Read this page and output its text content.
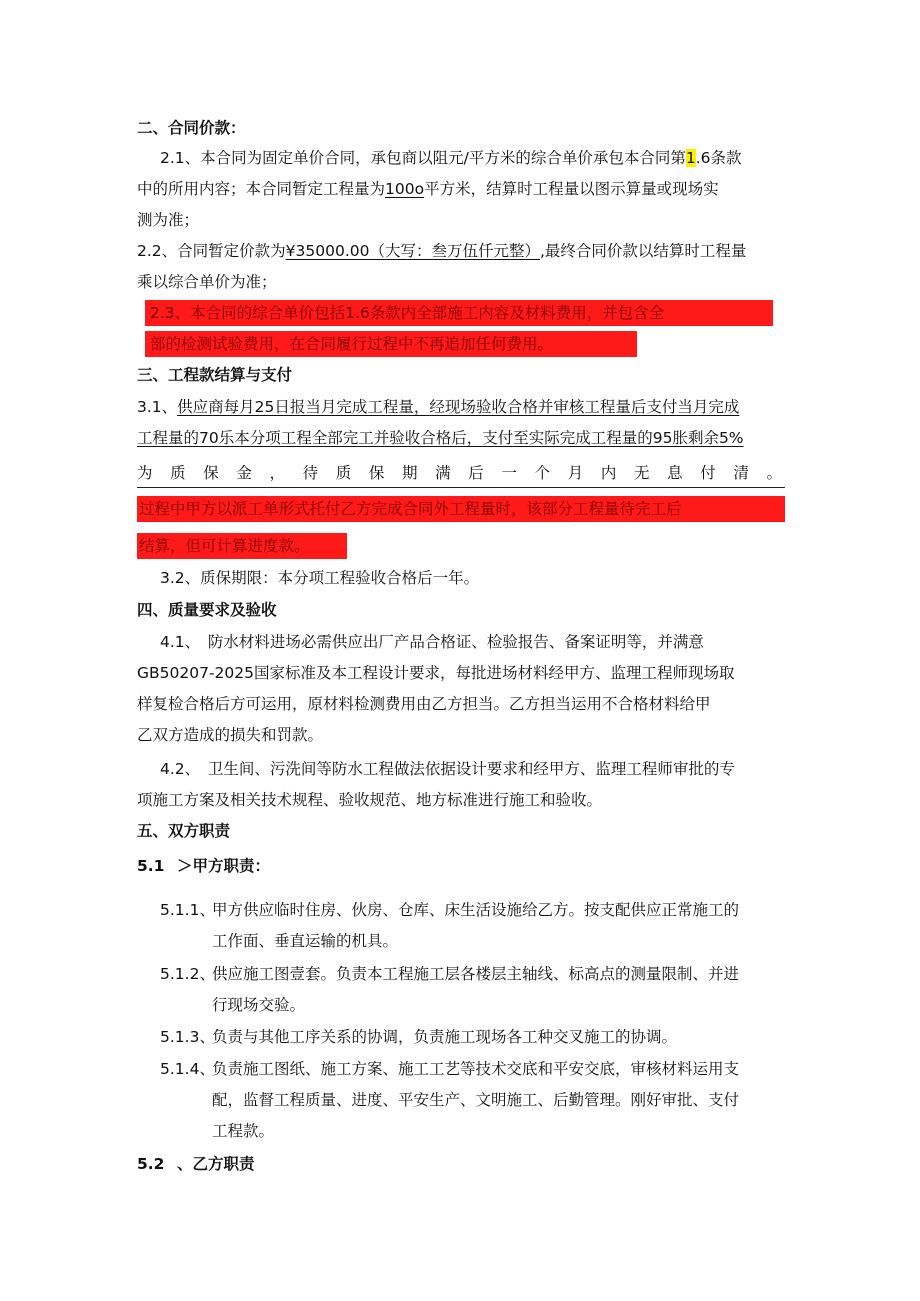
二、合同价款：
2.1、本合同为固定单价合同，承包商以阻元/平方米的综合单价承包本合同第1.6条款
中的所用内容；本合同暂定工程量为100o平方米，结算时工程量以图示算量或现场实
测为准；
2.2、合同暂定价款为¥35000.00（大写：叁万伍仟元整）,最终合同价款以结算时工程量
乘以综合单价为准；
2.3、本合同的综合单价包括1.6条款内全部施工内容及材料费用，并包含全
部的检测试验费用，在合同履行过程中不再追加任何费用。
三、工程款结算与支付
3.1、供应商每月25日报当月完成工程量，经现场验收合格并审核工程量后支付当月完成
工程量的70乐本分项工程全部完工并验收合格后，支付至实际完成工程量的95胀剩余5%
为质保金，待质保期满后一个月内无息付清。
过程中甲方以派工单形式托付乙方完成合同外工程量时，该部分工程量待完工后
结算，但可计算进度款。
3.2、质保期限：本分项工程验收合格后一年。
四、质量要求及验收
4.1、　防水材料进场必需供应出厂产品合格证、检验报告、备案证明等，并满意
GB50207-2025国家标准及本工程设计要求，每批进场材料经甲方、监理工程师现场取
样复检合格后方可运用，原材料检测费用由乙方担当。乙方担当运用不合格材料给甲
乙双方造成的损失和罚款。
4.2、　卫生间、污洗间等防水工程做法依据设计要求和经甲方、监理工程师审批的专
项施工方案及相关技术规程、验收规范、地方标准进行施工和验收。
五、双方职责
5.1 ＞甲方职责：
5.1.1、
甲方供应临时住房、伙房、仓库、床生活设施给乙方。按支配供应正常施工的
工作面、垂直运输的机具。
5.1.2、
供应施工图壹套。负责本工程施工层各楼层主轴线、标高点的测量限制、并进
行现场交验。
5.1.3、
负责与其他工序关系的协调，负责施工现场各工种交叉施工的协调。
5.1.4、
负责施工图纸、施工方案、施工工艺等技术交底和平安交底，审核材料运用支
配，监督工程质量、进度、平安生产、文明施工、后勤管理。刚好审批、支付
工程款。
5.2 、乙方职责
